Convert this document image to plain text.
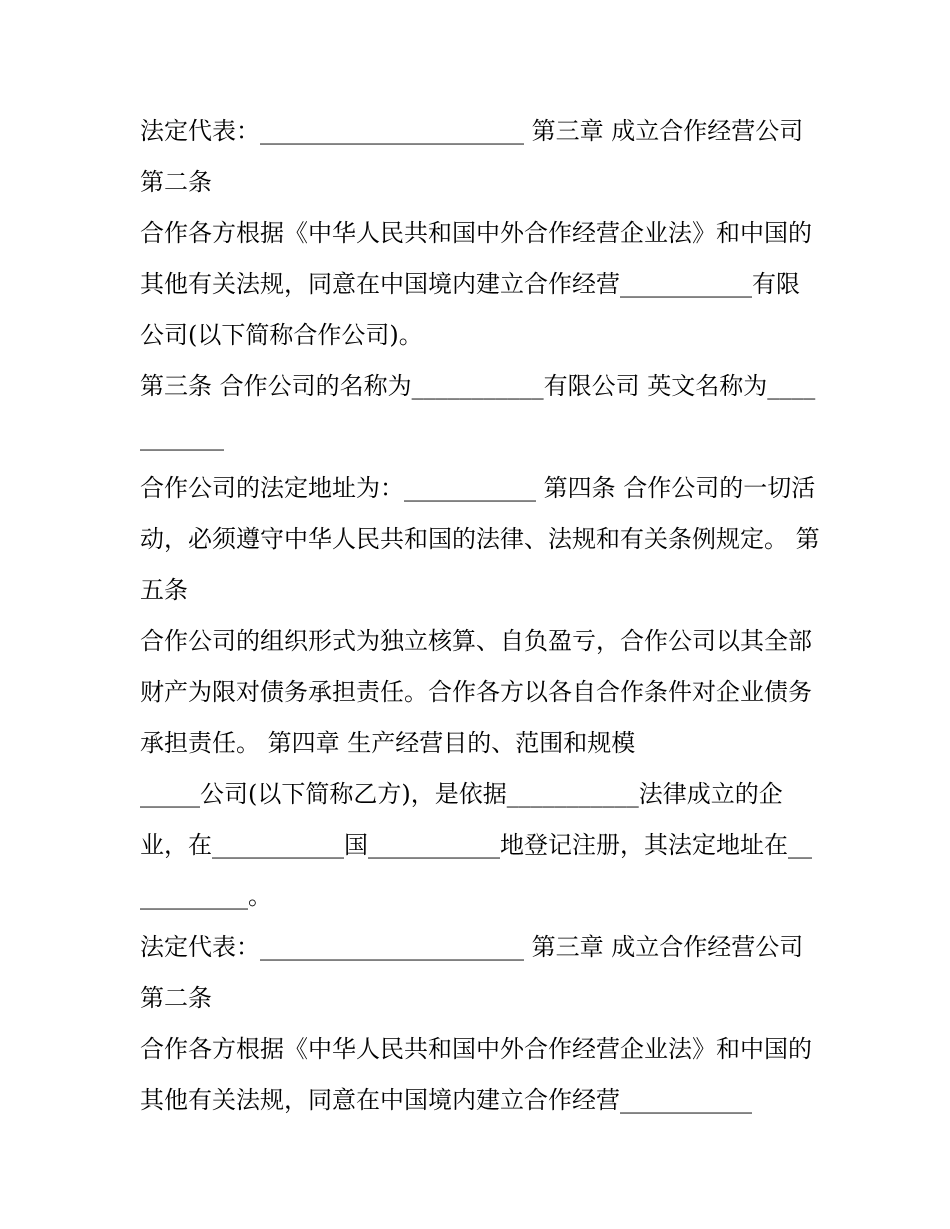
法定代表：______________________ 第三章 成立合作经营公司 第二条

合作各方根据《中华人民共和国中外合作经营企业法》和中国的其他有关法规，同意在中国境内建立合作经营___________有限公司(以下简称合作公司)。

第三条 合作公司的名称为___________有限公司 英文名称为___________

合作公司的法定地址为：___________ 第四条 合作公司的一切活动，必须遵守中华人民共和国的法律、法规和有关条例规定。 第五条

合作公司的组织形式为独立核算、自负盈亏，合作公司以其全部财产为限对债务承担责任。合作各方以各自合作条件对企业债务承担责任。 第四章 生产经营目的、范围和规模

_____公司(以下简称乙方)，是依据___________法律成立的企业，在___________国___________地登记注册，其法定地址在___________。

法定代表：______________________ 第三章 成立合作经营公司 第二条

合作各方根据《中华人民共和国中外合作经营企业法》和中国的其他有关法规，同意在中国境内建立合作经营___________
